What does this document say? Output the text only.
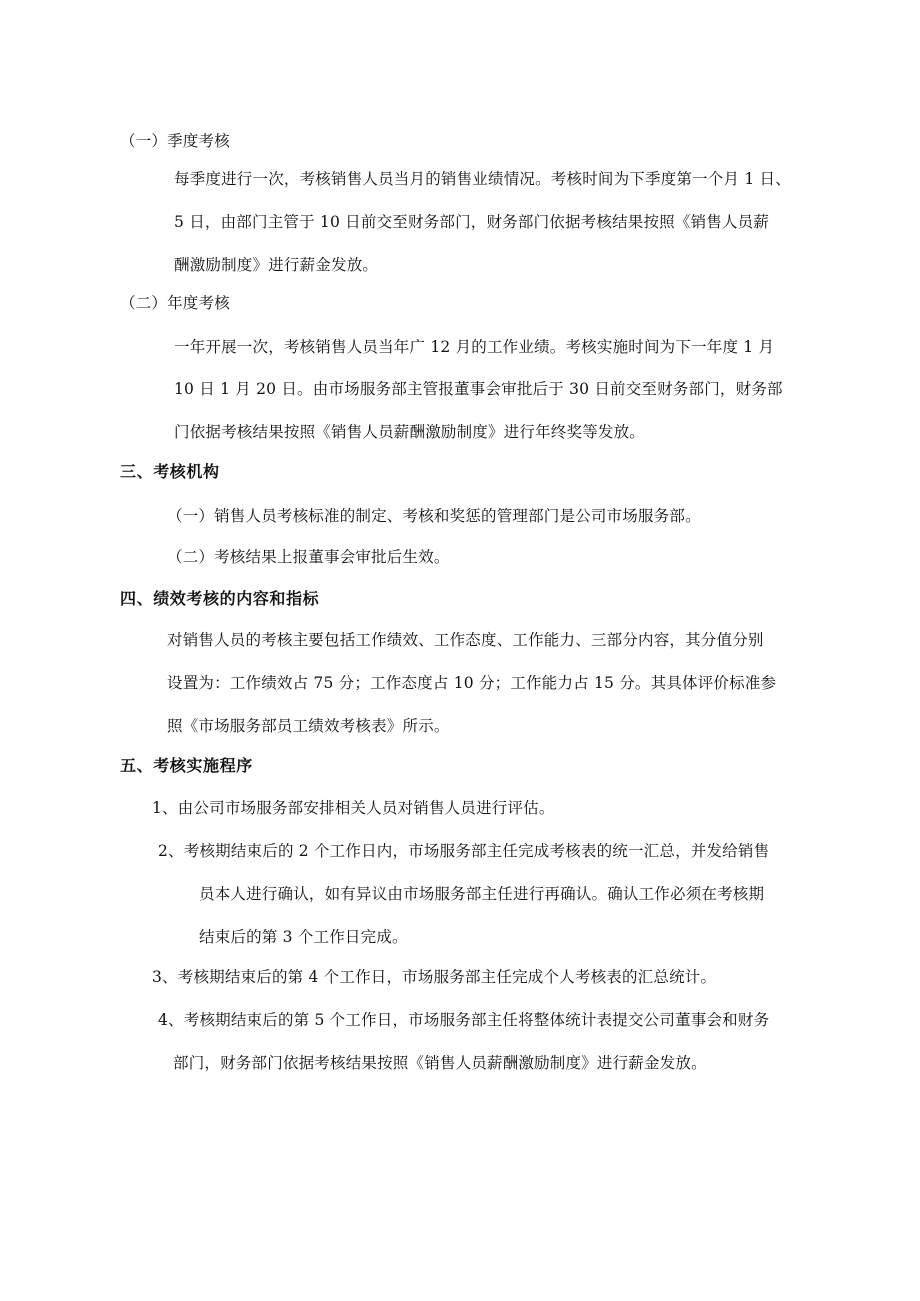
（一）季度考核
每季度进行一次，考核销售人员当月的销售业绩情况。考核时间为下季度第一个月 1 日、
5 日，由部门主管于 10 日前交至财务部门，财务部门依据考核结果按照《销售人员薪
酬激励制度》进行薪金发放。
（二）年度考核
一年开展一次，考核销售人员当年广 12 月的工作业绩。考核实施时间为下一年度 1 月
10 日 1 月 20 日。由市场服务部主管报董事会审批后于 30 日前交至财务部门，财务部
门依据考核结果按照《销售人员薪酬激励制度》进行年终奖等发放。
三、考核机构
（一）销售人员考核标准的制定、考核和奖惩的管理部门是公司市场服务部。
（二）考核结果上报董事会审批后生效。
四、绩效考核的内容和指标
对销售人员的考核主要包括工作绩效、工作态度、工作能力、三部分内容，其分值分别
设置为：工作绩效占 75 分；工作态度占 10 分；工作能力占 15 分。其具体评价标准参
照《市场服务部员工绩效考核表》所示。
五、考核实施程序
1、由公司市场服务部安排相关人员对销售人员进行评估。
2、考核期结束后的 2 个工作日内，市场服务部主任完成考核表的统一汇总，并发给销售
员本人进行确认，如有异议由市场服务部主任进行再确认。确认工作必须在考核期
结束后的第 3 个工作日完成。
3、考核期结束后的第 4 个工作日，市场服务部主任完成个人考核表的汇总统计。
4、考核期结束后的第 5 个工作日，市场服务部主任将整体统计表提交公司董事会和财务
部门，财务部门依据考核结果按照《销售人员薪酬激励制度》进行薪金发放。
